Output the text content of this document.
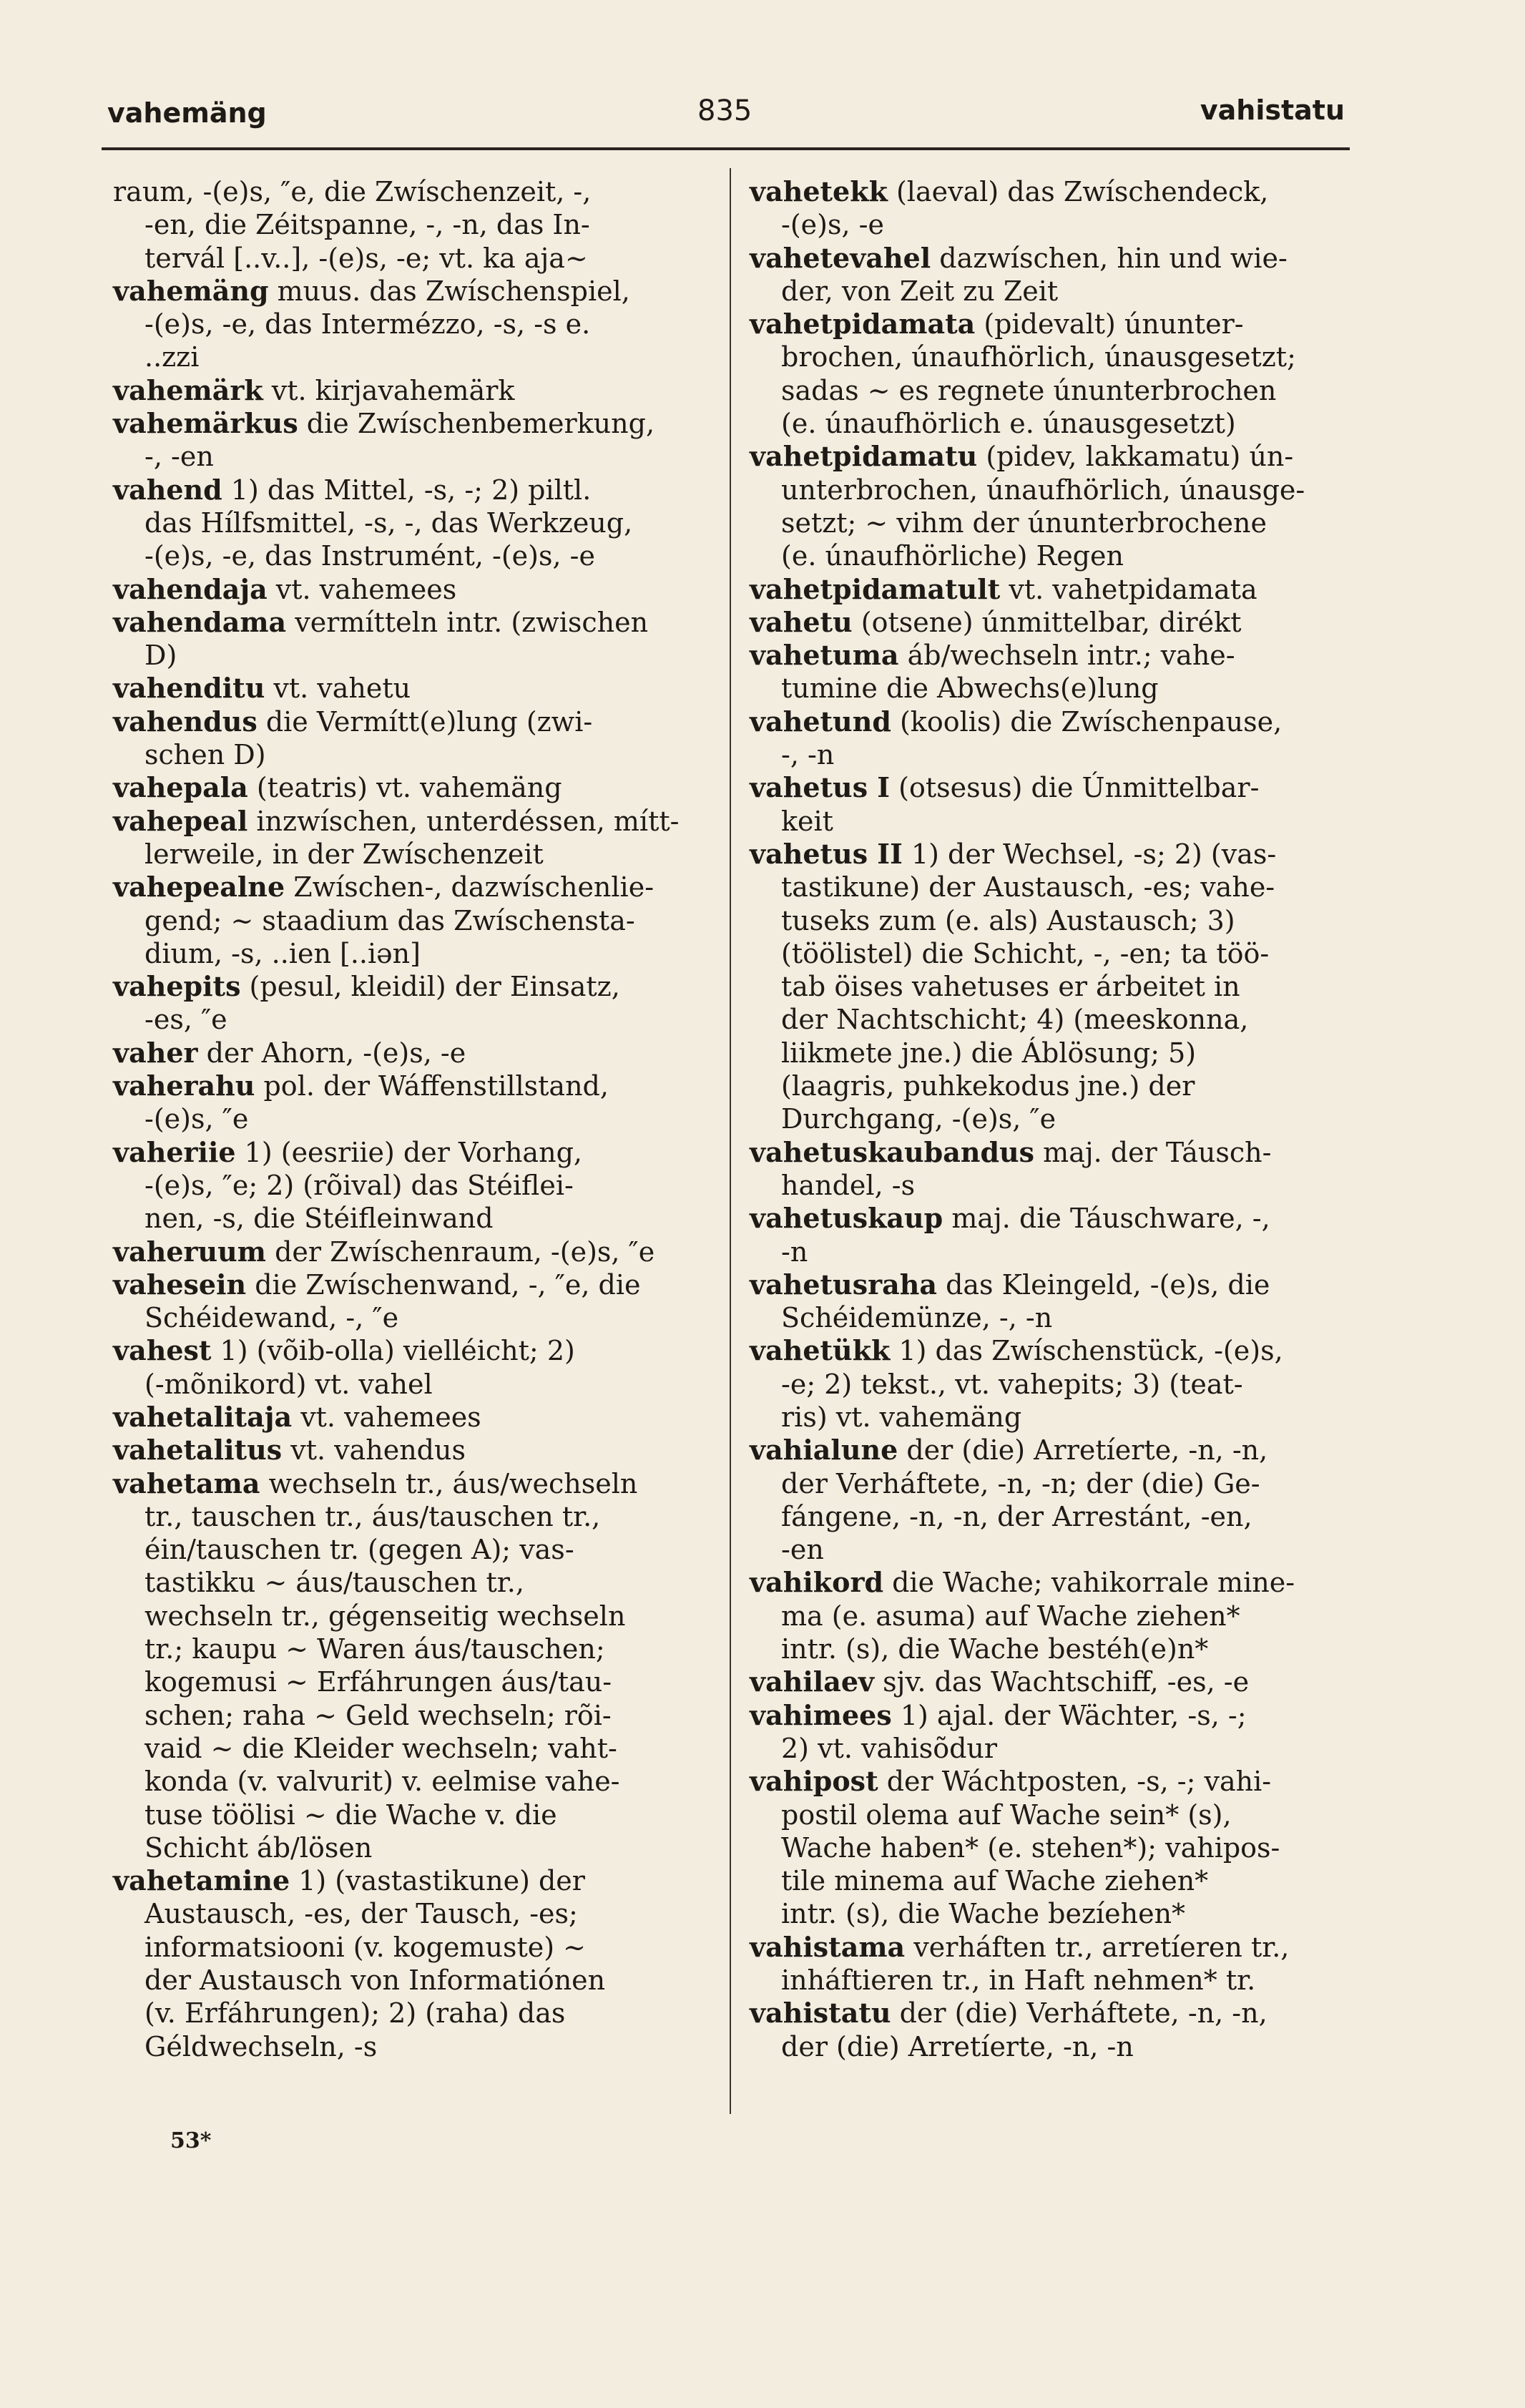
vahemäng	835	vahistatu
raum, -(e)s, ″e, die Zwíschenzeit, -,
-en, die Zéitspanne, -, -n, das In-
tervál [..v..], -(e)s, -e; vt. ka aja~
vahemäng muus. das Zwíschenspiel,
-(e)s, -e, das Intermézzo, -s, -s e.
..zzi
vahemärk vt. kirjavahemärk
vahemärkus die Zwíschenbemerkung,
-, -en
vahend 1) das Mittel, -s, -; 2) piltl.
das Hílfsmittel, -s, -, das Werkzeug,
-(e)s, -e, das Instrumént, -(e)s, -e
vahendaja vt. vahemees
vahendama vermítteln intr. (zwischen
D)
vahenditu vt. vahetu
vahendus die Vermítt(e)lung (zwi-
schen D)
vahepala (teatris) vt. vahemäng
vahepeal inzwíschen, unterdéssen, mítt-
lerweile, in der Zwíschenzeit
vahepealne Zwíschen-, dazwíschenlie-
gend; ~ staadium das Zwíschensta-
dium, -s, ..ien [..iən]
vahepits (pesul, kleidil) der Einsatz,
-es, ″e
vaher der Ahorn, -(e)s, -e
vaherahu pol. der Wáffenstillstand,
-(e)s, ″e
vaheriie 1) (eesriie) der Vorhang,
-(e)s, ″e; 2) (rõival) das Stéiflei-
nen, -s, die Stéifleinwand
vaheruum der Zwíschenraum, -(e)s, ″e
vahesein die Zwíschenwand, -, ″e, die
Schéidewand, -, ″e
vahest 1) (võib-olla) vielléicht; 2)
(-mõnikord) vt. vahel
vahetalitaja vt. vahemees
vahetalitus vt. vahendus
vahetama wechseln tr., áus/wechseln
tr., tauschen tr., áus/tauschen tr.,
éin/tauschen tr. (gegen A); vas-
tastikku ~ áus/tauschen tr.,
wechseln tr., gégenseitig wechseln
tr.; kaupu ~ Waren áus/tauschen;
kogemusi ~ Erfáhrungen áus/tau-
schen; raha ~ Geld wechseln; rõi-
vaid ~ die Kleider wechseln; vaht-
konda (v. valvurit) v. eelmise vahe-
tuse töölisi ~ die Wache v. die
Schicht áb/lösen
vahetamine 1) (vastastikune) der
Austausch, -es, der Tausch, -es;
informatsiooni (v. kogemuste) ~
der Austausch von Informatiónen
(v. Erfáhrungen); 2) (raha) das
Géldwechseln, -s
vahetekk (laeval) das Zwíschendeck,
-(e)s, -e
vahetevahel dazwíschen, hin und wie-
der, von Zeit zu Zeit
vahetpidamata (pidevalt) únunter-
brochen, únaufhörlich, únausgesetzt;
sadas ~ es regnete únunterbrochen
(e. únaufhörlich e. únausgesetzt)
vahetpidamatu (pidev, lakkamatu) ún-
unterbrochen, únaufhörlich, únausge-
setzt; ~ vihm der únunterbrochene
(e. únaufhörliche) Regen
vahetpidamatult vt. vahetpidamata
vahetu (otsene) únmittelbar, dirékt
vahetuma áb/wechseln intr.; vahe-
tumine die Abwechs(e)lung
vahetund (koolis) die Zwíschenpause,
-, -n
vahetus I (otsesus) die Únmittelbar-
keit
vahetus II 1) der Wechsel, -s; 2) (vas-
tastikune) der Austausch, -es; vahe-
tuseks zum (e. als) Austausch; 3)
(töölistel) die Schicht, -, -en; ta töö-
tab öises vahetuses er árbeitet in
der Nachtschicht; 4) (meeskonna,
liikmete jne.) die Áblösung; 5)
(laagris, puhkekodus jne.) der
Durchgang, -(e)s, ″e
vahetuskaubandus maj. der Táusch-
handel, -s
vahetuskaup maj. die Táuschware, -,
-n
vahetusraha das Kleingeld, -(e)s, die
Schéidemünze, -, -n
vahetükk 1) das Zwíschenstück, -(e)s,
-e; 2) tekst., vt. vahepits; 3) (teat-
ris) vt. vahemäng
vahialune der (die) Arretíerte, -n, -n,
der Verháftete, -n, -n; der (die) Ge-
fángene, -n, -n, der Arrestánt, -en,
-en
vahikord die Wache; vahikorrale mine-
ma (e. asuma) auf Wache ziehen*
intr. (s), die Wache bestéh(e)n*
vahilaev sjv. das Wachtschiff, -es, -e
vahimees 1) ajal. der Wächter, -s, -;
2) vt. vahisõdur
vahipost der Wáchtposten, -s, -; vahi-
postil olema auf Wache sein* (s),
Wache haben* (e. stehen*); vahipos-
tile minema auf Wache ziehen*
intr. (s), die Wache bezíehen*
vahistama verháften tr., arretíeren tr.,
inháftieren tr., in Haft nehmen* tr.
vahistatu der (die) Verháftete, -n, -n,
der (die) Arretíerte, -n, -n
53*
